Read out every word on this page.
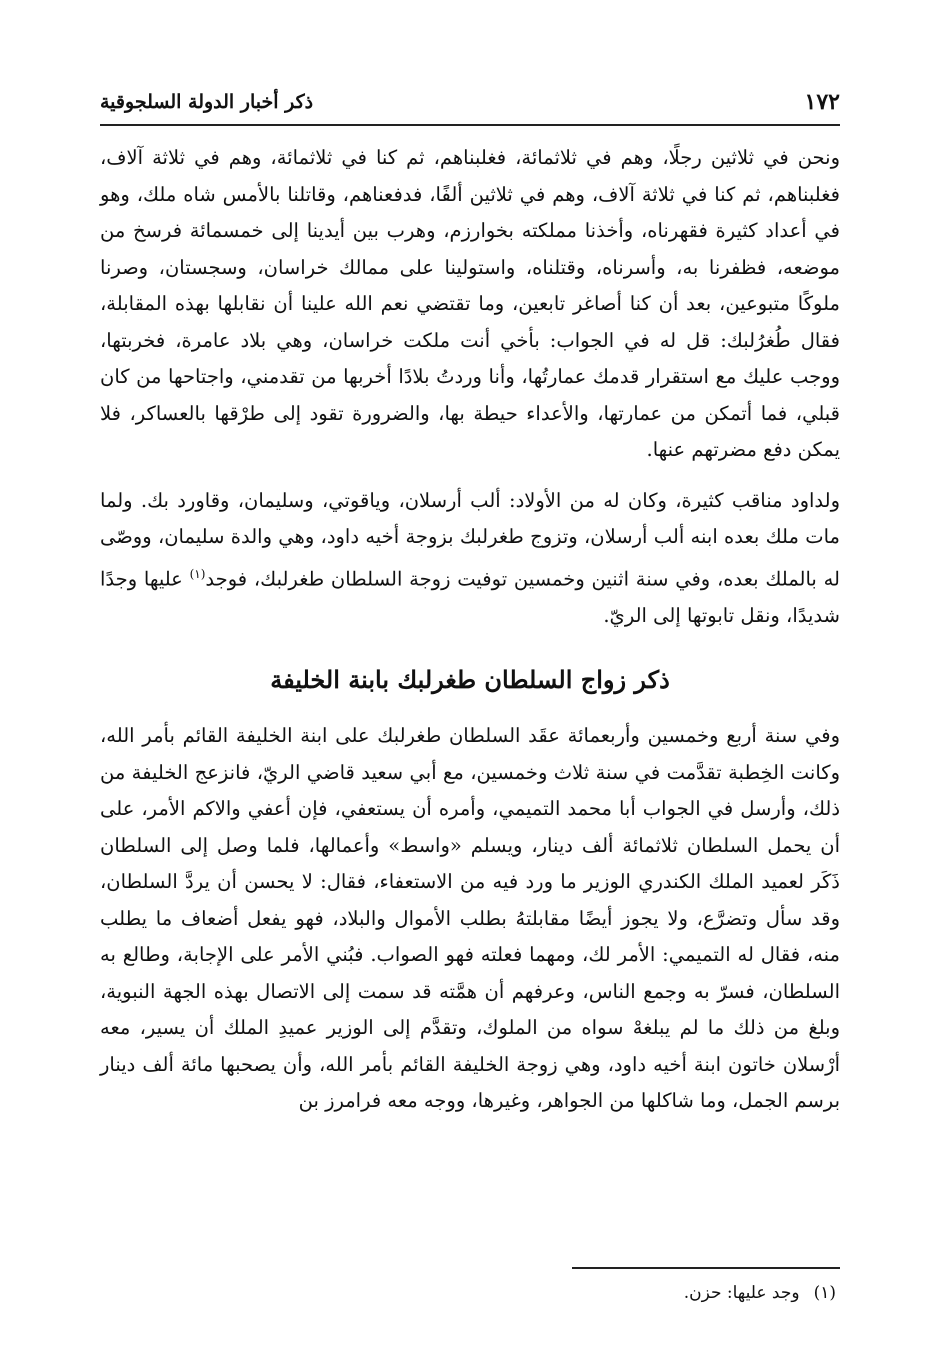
١٧٢
ذكر أخبار الدولة السلجوقية

ونحن في ثلاثين رجلًا، وهم في ثلاثمائة، فغلبناهم، ثم كنا في ثلاثمائة، وهم في ثلاثة آلاف، فغلبناهم، ثم كنا في ثلاثة آلاف، وهم في ثلاثين ألفًا، فدفعناهم، وقاتلنا بالأمس شاه ملك، وهو في أعداد كثيرة فقهرناه، وأخذنا مملكته بخوارزم، وهرب بين أيدينا إلى خمسمائة فرسخ من موضعه، فظفرنا به، وأسرناه، وقتلناه، واستولينا على ممالك خراسان، وسجستان، وصرنا ملوكًا متبوعين، بعد أن كنا أصاغر تابعين، وما تقتضي نعم الله علينا أن نقابلها بهذه المقابلة، فقال طُغرُلبك: قل له في الجواب: بأخي أنت ملكت خراسان، وهي بلاد عامرة، فخربتها، ووجب عليك مع استقرار قدمك عمارتُها، وأنا وردتُ بلادًا أخربها من تقدمني، واجتاحها من كان قبلي، فما أتمكن من عمارتها، والأعداء حيطة بها، والضرورة تقود إلى طرْقها بالعساكر، فلا يمكن دفع مضرتهم عنها.

ولداود مناقب كثيرة، وكان له من الأولاد: ألب أرسلان، وياقوتي، وسليمان، وقاورد بك. ولما مات ملك بعده ابنه ألب أرسلان، وتزوج طغرلبك بزوجة أخيه داود، وهي والدة سليمان، ووصّى له بالملك بعده، وفي سنة اثنين وخمسين توفيت زوجة السلطان طغرلبك، فوجد$^{(١)}$ عليها وجدًا شديدًا، ونقل تابوتها إلى الريّ.

ذكر زواج السلطان طغرلبك بابنة الخليفة

وفي سنة أربع وخمسين وأربعمائة عقَد السلطان طغرلبك على ابنة الخليفة القائم بأمر الله، وكانت الخِطبة تقدَّمت في سنة ثلاث وخمسين، مع أبي سعيد قاضي الريّ، فانزعج الخليفة من ذلك، وأرسل في الجواب أبا محمد التميمي، وأمره أن يستعفي، فإن أعفي والاكم الأمر، على أن يحمل السلطان ثلاثمائة ألف دينار، ويسلم «واسط» وأعمالها، فلما وصل إلى السلطان ذَكَر لعميد الملك الكندري الوزير ما ورد فيه من الاستعفاء، فقال: لا يحسن أن يردَّ السلطان، وقد سأل وتضرَّع، ولا يجوز أيضًا مقابلتهُ بطلب الأموال والبلاد، فهو يفعل أضعاف ما يطلب منه، فقال له التميمي: الأمر لك، ومهما فعلته فهو الصواب. فبُني الأمر على الإجابة، وطالع به السلطان، فسرّ به وجمع الناس، وعرفهم أن همَّته قد سمت إلى الاتصال بهذه الجهة النبوية، وبلغ من ذلك ما لم يبلغهْ سواه من الملوك، وتقدَّم إلى الوزير عميدِ الملك أن يسير، معه أرْسلان خاتون ابنة أخيه داود، وهي زوجة الخليفة القائم بأمر الله، وأن يصحبها مائة ألف دينار برسم الجمل، وما شاكلها من الجواهر، وغيرها، ووجه معه فرامرز بن

(١)
وجد عليها: حزن.
